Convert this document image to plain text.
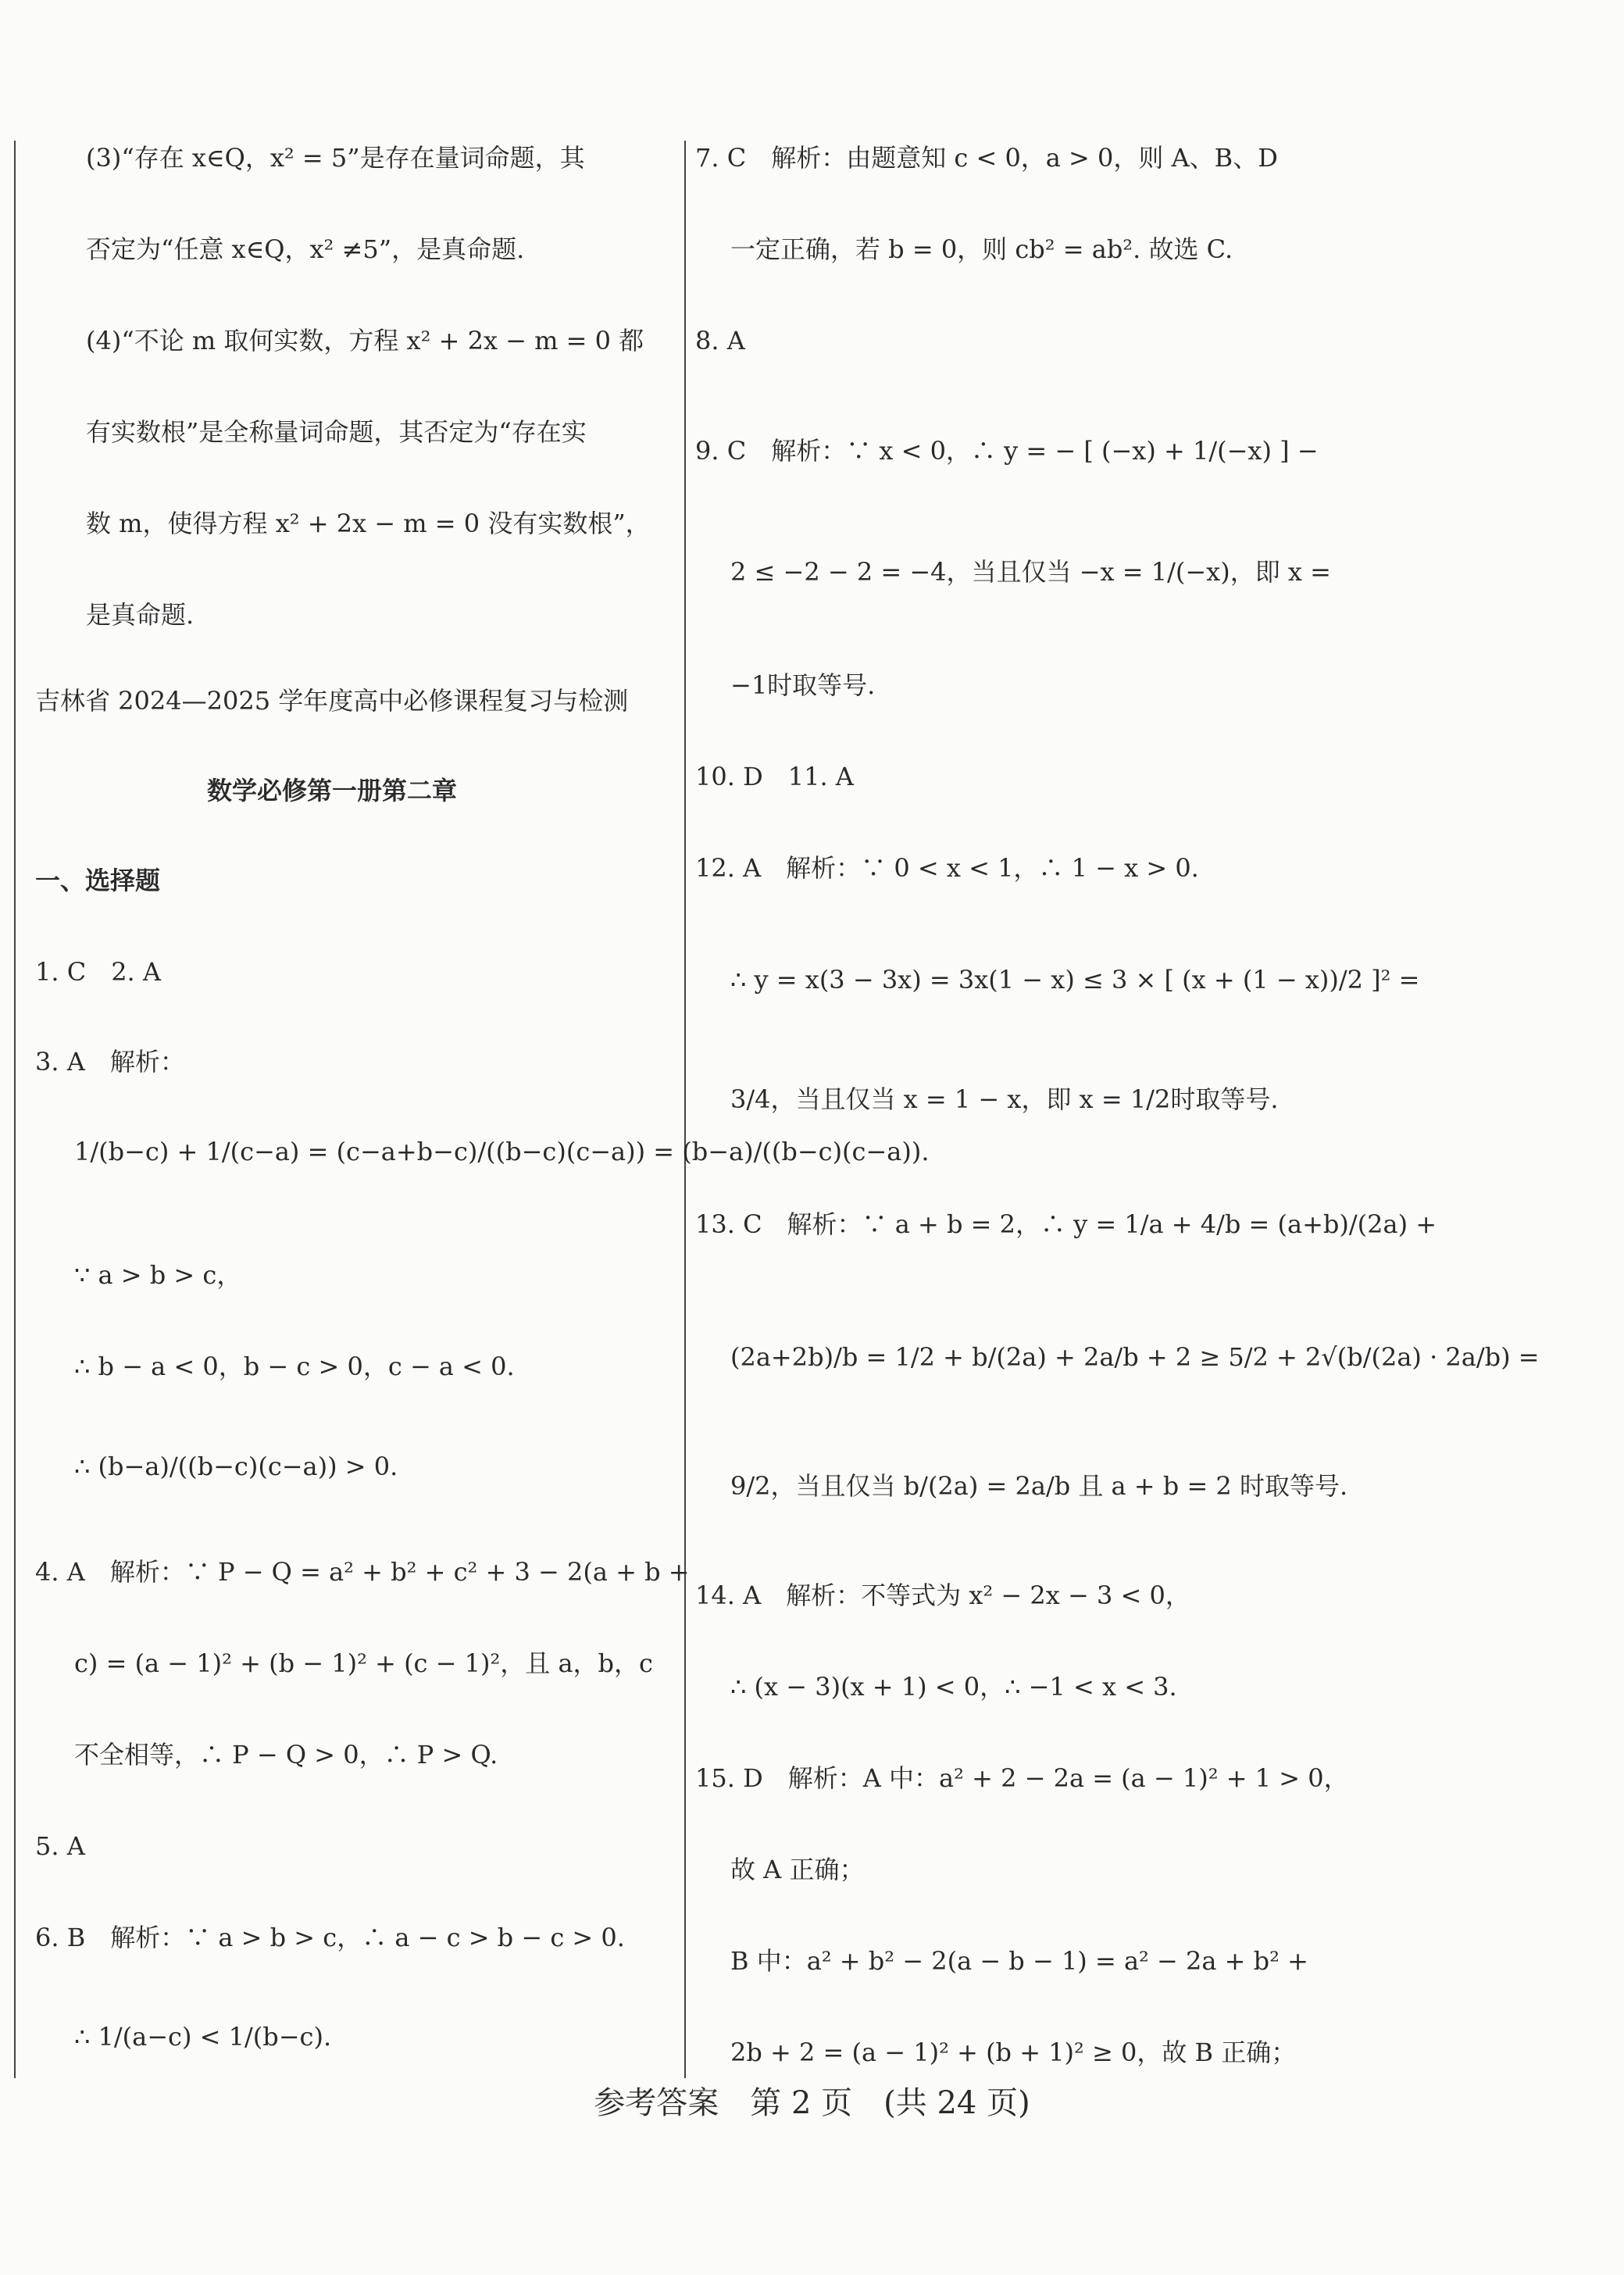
(3)“存在 x∈Q，x² = 5”是存在量词命题，其
否定为“任意 x∈Q，x² ≠5”，是真命题.
(4)“不论 m 取何实数，方程 x² + 2x − m = 0 都
有实数根”是全称量词命题，其否定为“存在实
数 m，使得方程 x² + 2x − m = 0 没有实数根”，
是真命题.
吉林省 2024—2025 学年度高中必修课程复习与检测
数学必修第一册第二章
一、选择题
1. C　2. A
3. A　解析：
1/(b−c) + 1/(c−a) = (c−a+b−c)/((b−c)(c−a)) = (b−a)/((b−c)(c−a)).
∵ a > b > c，
∴ b − a < 0，b − c > 0，c − a < 0.
∴ (b−a)/((b−c)(c−a)) > 0.
4. A　解析：∵ P − Q = a² + b² + c² + 3 − 2(a + b +
c) = (a − 1)² + (b − 1)² + (c − 1)²，且 a，b，c
不全相等，∴ P − Q > 0，∴ P > Q.
5. A
6. B　解析：∵ a > b > c，∴ a − c > b − c > 0.
∴ 1/(a−c) < 1/(b−c).
7. C　解析：由题意知 c < 0，a > 0，则 A、B、D
一定正确，若 b = 0，则 cb² = ab². 故选 C.
8. A
9. C　解析：∵ x < 0，∴ y = − [ (−x) + 1/(−x) ] −
2 ≤ −2 − 2 = −4，当且仅当 −x = 1/(−x)，即 x =
−1时取等号.
10. D　11. A
12. A　解析：∵ 0 < x < 1，∴ 1 − x > 0.
∴ y = x(3 − 3x) = 3x(1 − x) ≤ 3 × [ (x + (1 − x))/2 ]² =
3/4，当且仅当 x = 1 − x，即 x = 1/2时取等号.
13. C　解析：∵ a + b = 2，∴ y = 1/a + 4/b = (a+b)/(2a) +
(2a+2b)/b = 1/2 + b/(2a) + 2a/b + 2 ≥ 5/2 + 2√(b/(2a) · 2a/b) =
9/2，当且仅当 b/(2a) = 2a/b 且 a + b = 2 时取等号.
14. A　解析：不等式为 x² − 2x − 3 < 0，
∴ (x − 3)(x + 1) < 0，∴ −1 < x < 3.
15. D　解析：A 中：a² + 2 − 2a = (a − 1)² + 1 > 0，
故 A 正确；
B 中：a² + b² − 2(a − b − 1) = a² − 2a + b² +
2b + 2 = (a − 1)² + (b + 1)² ≥ 0，故 B 正确；
参考答案　第 2 页　(共 24 页)
